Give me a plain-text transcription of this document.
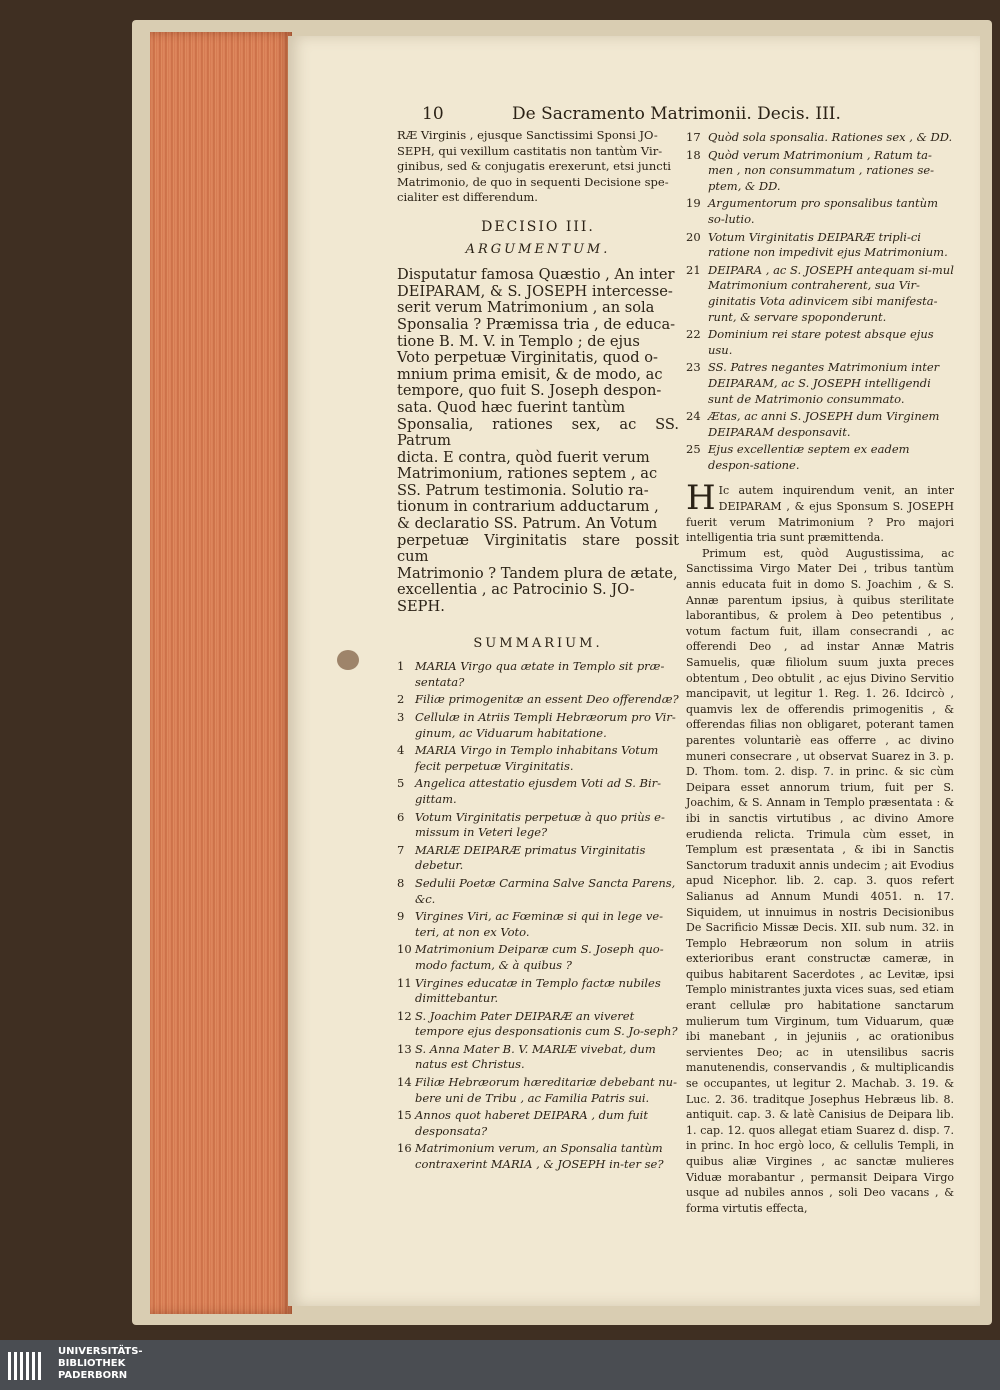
10	De Sacramento Matrimonii. Decis. III.
RÆ Virginis , ejusque Sanctissimi Sponsi JO-
SEPH, qui vexillum castitatis non tantùm Vir-
ginibus, sed & conjugatis erexerunt, etsi juncti
Matrimonio, de quo in sequenti Decisione spe-
cialiter est differendum.
DECISIO III.
ARGUMENTUM.
Disputatur famosa Quæstio , An inter
DEIPARAM, & S. JOSEPH intercesse-
serit verum Matrimonium , an sola
Sponsalia ? Præmissa tria , de educa-
tione B. M. V. in Templo ; de ejus
Voto perpetuæ Virginitatis, quod o-
mnium prima emisit, & de modo, ac
tempore, quo fuit S. Joseph despon-
sata. Quod hæc fuerint tantùm
Sponsalia, rationes sex, ac SS. Patrum
dicta. E contra, quòd fuerit verum
Matrimonium, rationes septem , ac
SS. Patrum testimonia. Solutio ra-
tionum in contrarium adductarum ,
& declaratio SS. Patrum. An Votum
perpetuæ Virginitatis stare possit cum
Matrimonio ? Tandem plura de ætate,
excellentia , ac Patrocinio S. JO-
SEPH.
SUMMARIUM.
1 MARIA Virgo qua ætate in Templo sit præ-sentata?
2 Filiæ primogenitæ an essent Deo offerendæ?
3 Cellulæ in Atriis Templi Hebræorum pro Vir-ginum, ac Viduarum habitatione.
4 MARIA Virgo in Templo inhabitans Votum fecit perpetuæ Virginitatis.
5 Angelica attestatio ejusdem Voti ad S. Bir-gittam.
6 Votum Virginitatis perpetuæ à quo priùs e-missum in Veteri lege?
7 MARIÆ DEIPARÆ primatus Virginitatis debetur.
8 Sedulii Poetæ Carmina Salve Sancta Parens, &c.
9 Virgines Viri, ac Fœminæ si qui in lege ve-teri, at non ex Voto.
10 Matrimonium Deiparæ cum S. Joseph quo-modo factum, & à quibus ?
11 Virgines educatæ in Templo factæ nubiles dimittebantur.
12 S. Joachim Pater DEIPARÆ an viveret tempore ejus desponsationis cum S. Jo-seph?
13 S. Anna Mater B. V. MARIÆ vivebat, dum natus est Christus.
14 Filiæ Hebræorum hæreditariæ debebant nu-bere uni de Tribu , ac Familia Patris sui.
15 Annos quot haberet DEIPARA , dum fuit desponsata?
16 Matrimonium verum, an Sponsalia tantùm contraxerint MARIA , & JOSEPH in-ter se?
17 Quòd sola sponsalia. Rationes sex , & DD.
18 Quòd verum Matrimonium , Ratum ta-men , non consummatum , rationes se-ptem, & DD.
19 Argumentorum pro sponsalibus tantùm so-lutio.
20 Votum Virginitatis DEIPARÆ tripli-ci ratione non impedivit ejus Matrimonium.
21 DEIPARA , ac S. JOSEPH antequam si-mul Matrimonium contraherent, sua Vir-ginitatis Vota adinvicem sibi manifesta-runt, & servare spoponderunt.
22 Dominium rei stare potest absque ejus usu.
23 SS. Patres negantes Matrimonium inter DEIPARAM, ac S. JOSEPH intelligendi sunt de Matrimonio consummato.
24 Ætas, ac anni S. JOSEPH dum Virginem DEIPARAM desponsavit.
25 Ejus excellentiæ septem ex eadem despon-satione.

H Ic autem inquirendum venit, an inter DEIPARAM , & ejus Sponsum S. JOSEPH fuerit verum Matrimonium ? Pro majori intelligentia tria sunt præmittenda.

Primum est, quòd Augustissima, ac Sanctissima Virgo Mater Dei , tribus tantùm annis educata fuit in domo S. Joachim , & S. Annæ parentum ipsius, à quibus sterilitate laborantibus, & prolem à Deo petentibus , votum factum fuit, illam consecrandi , ac offerendi Deo , ad instar Annæ Matris Samuelis, quæ filiolum suum juxta preces obtentum , Deo obtulit , ac ejus Divino Servitio mancipavit, ut legitur 1. Reg. 1. 26. Idcircò , quamvis lex de offerendis primogenitis , & offerendas filias non obligaret, poterant tamen parentes voluntariè eas offerre , ac divino muneri consecrare , ut observat Suarez in 3. p. D. Thom. tom. 2. disp. 7. in princ. & sic cùm Deipara esset annorum trium, fuit per S. Joachim, & S. Annam in Templo præsentata : & ibi in sanctis virtutibus , ac divino Amore erudienda relicta. Trimula cùm esset, in Templum est præsentata , & ibi in Sanctis Sanctorum traduxit annis undecim ; ait Evodius apud Nicephor. lib. 2. cap. 3. quos refert Salianus ad Annum Mundi 4051. n. 17. Siquidem, ut innuimus in nostris Decisionibus De Sacrificio Missæ Decis. XII. sub num. 32. in Templo Hebræorum non solum in atriis exterioribus erant constructæ cameræ, in quibus habitarent Sacerdotes , ac Levitæ, ipsi Templo ministrantes juxta vices suas, sed etiam erant cellulæ pro habitatione sanctarum mulierum tum Virginum, tum Viduarum, quæ ibi manebant , in jejuniis , ac orationibus servientes Deo; ac in utensilibus sacris manutenendis, conservandis , & multiplicandis se occupantes, ut legitur 2. Machab. 3. 19. & Luc. 2. 36. traditque Josephus Hebræus lib. 8. antiquit. cap. 3. & latè Canisius de Deipara lib. 1. cap. 12. quos allegat etiam Suarez d. disp. 7. in princ. In hoc ergò loco, & cellulis Templi, in quibus aliæ Virgines , ac sanctæ mulieres Viduæ morabantur , permansit Deipara Virgo usque ad nubiles annos , soli Deo vacans , & forma virtutis effecta,

UNIVERSITÄTS-
BIBLIOTHEK
PADERBORN
